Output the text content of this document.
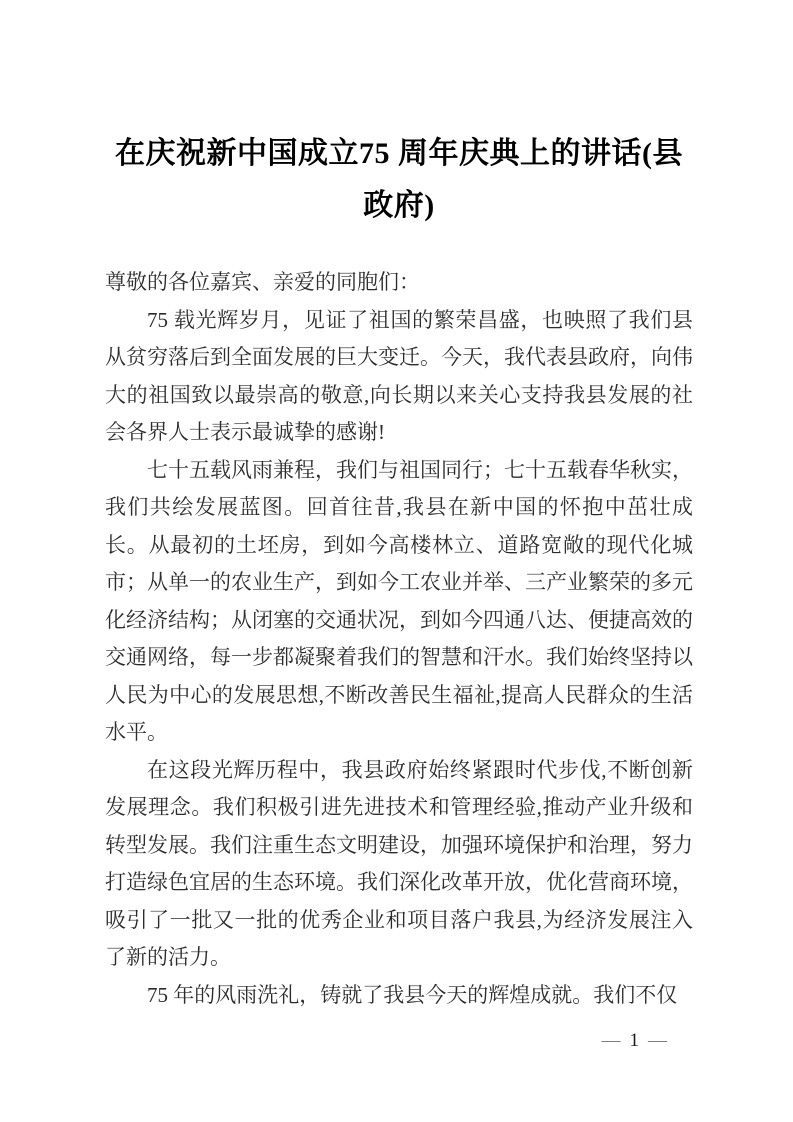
在庆祝新中国成立75 周年庆典上的讲话(县政府)

尊敬的各位嘉宾、亲爱的同胞们：

75 载光辉岁月，见证了祖国的繁荣昌盛，也映照了我们县从贫穷落后到全面发展的巨大变迁。今天，我代表县政府，向伟大的祖国致以最崇高的敬意,向长期以来关心支持我县发展的社会各界人士表示最诚挚的感谢!

七十五载风雨兼程，我们与祖国同行；七十五载春华秋实，我们共绘发展蓝图。回首往昔,我县在新中国的怀抱中茁壮成长。从最初的土坯房，到如今高楼林立、道路宽敞的现代化城市；从单一的农业生产，到如今工农业并举、三产业繁荣的多元化经济结构；从闭塞的交通状况，到如今四通八达、便捷高效的交通网络，每一步都凝聚着我们的智慧和汗水。我们始终坚持以人民为中心的发展思想,不断改善民生福祉,提高人民群众的生活水平。

在这段光辉历程中，我县政府始终紧跟时代步伐,不断创新发展理念。我们积极引进先进技术和管理经验,推动产业升级和转型发展。我们注重生态文明建设，加强环境保护和治理，努力打造绿色宜居的生态环境。我们深化改革开放，优化营商环境，吸引了一批又一批的优秀企业和项目落户我县,为经济发展注入了新的活力。

75 年的风雨洗礼，铸就了我县今天的辉煌成就。我们不仅

— 1 —
